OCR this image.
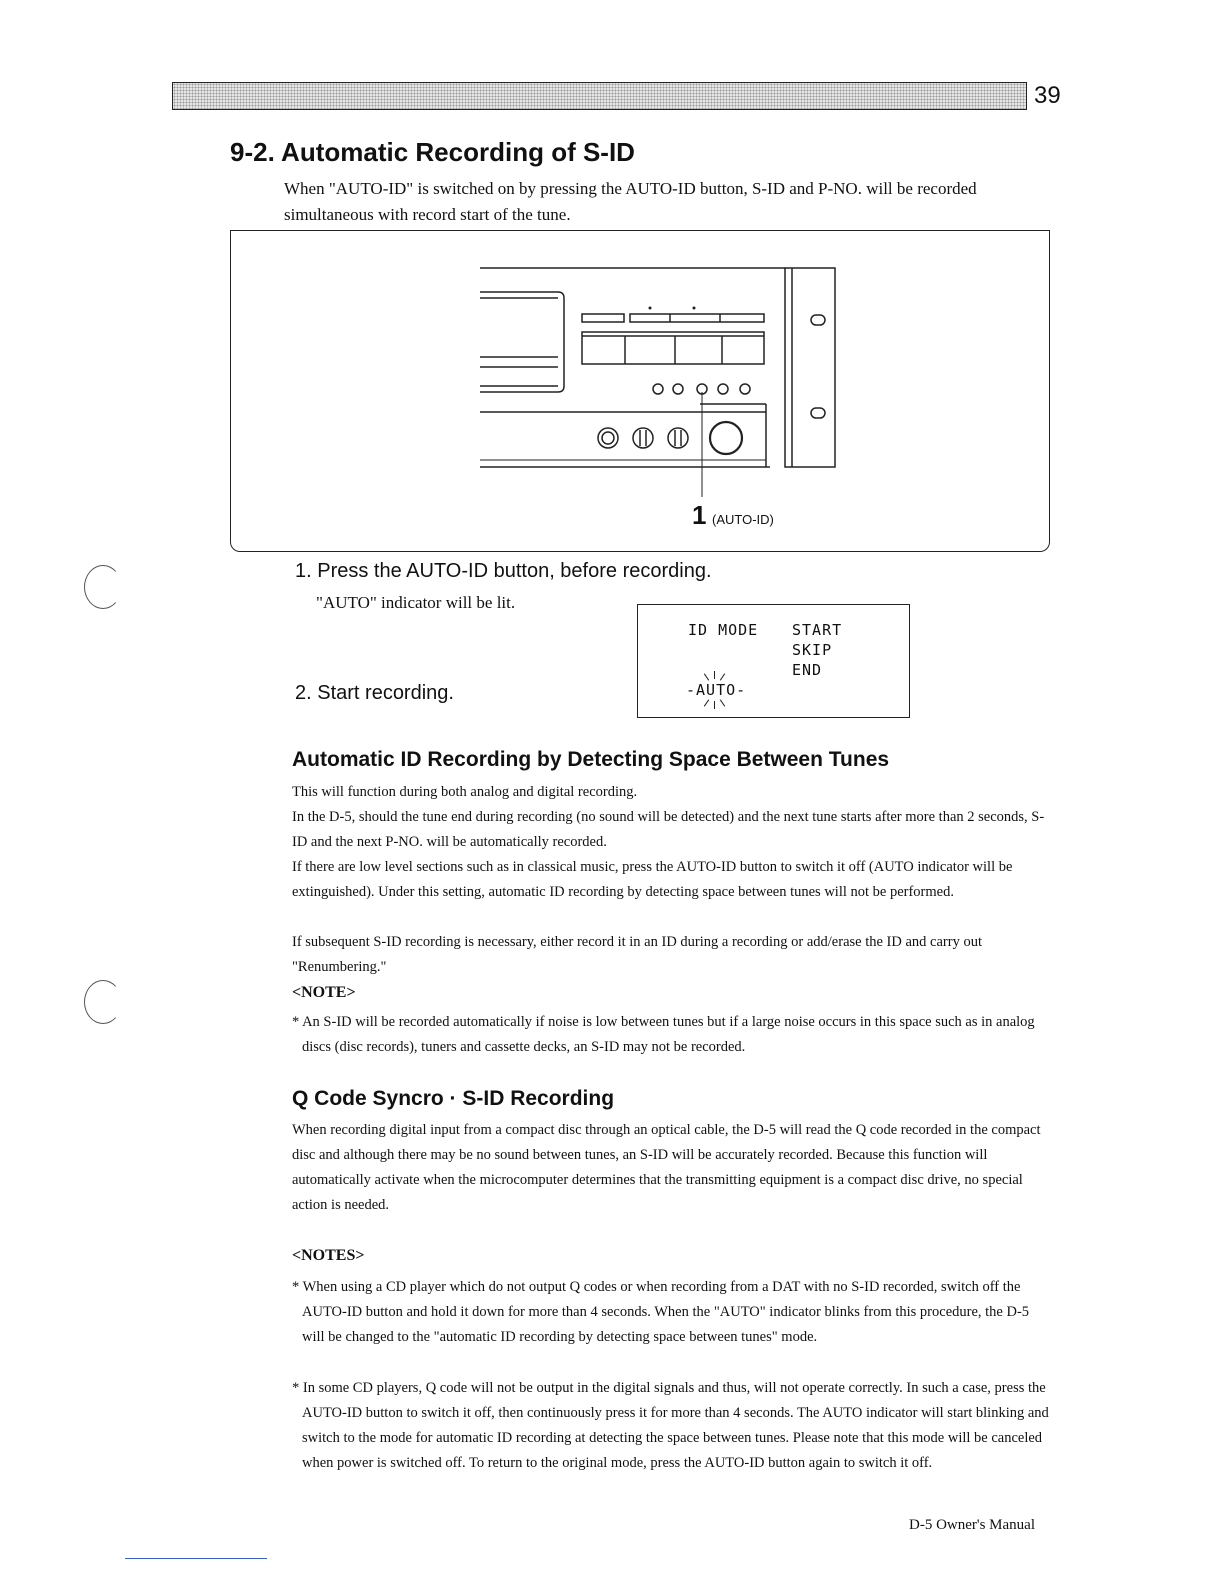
39
9-2. Automatic Recording of S-ID
When "AUTO-ID" is switched on by pressing the AUTO-ID button, S-ID and P-NO. will be recorded simultaneous with record start of the tune.
1 (AUTO-ID)
1. Press the AUTO-ID button, before recording.
"AUTO" indicator will be lit.
2. Start recording.
ID MODE START
SKIP
END
-AUTO-
Automatic ID Recording by Detecting Space Between Tunes
This will function during both analog and digital recording.
In the D-5, should the tune end during recording (no sound will be detected) and the next tune starts after more than 2 seconds, S-ID and the next P-NO. will be automatically recorded.
If there are low level sections such as in classical music, press the AUTO-ID button to switch it off (AUTO indicator will be extinguished). Under this setting, automatic ID recording by detecting space between tunes will not be performed.
If subsequent S-ID recording is necessary, either record it in an ID during a recording or add/erase the ID and carry out "Renumbering."
<NOTE>
* An S-ID will be recorded automatically if noise is low between tunes but if a large noise occurs in this space such as in analog discs (disc records), tuners and cassette decks, an S-ID may not be recorded.
Q Code Syncro · S-ID Recording
When recording digital input from a compact disc through an optical cable, the D-5 will read the Q code recorded in the compact disc and although there may be no sound between tunes, an S-ID will be accurately recorded. Because this function will automatically activate when the microcomputer determines that the transmitting equipment is a compact disc drive, no special action is needed.
<NOTES>
* When using a CD player which do not output Q codes or when recording from a DAT with no S-ID recorded, switch off the AUTO-ID button and hold it down for more than 4 seconds. When the "AUTO" indicator blinks from this procedure, the D-5 will be changed to the "automatic ID recording by detecting space between tunes" mode.
* In some CD players, Q code will not be output in the digital signals and thus, will not operate correctly. In such a case, press the AUTO-ID button to switch it off, then continuously press it for more than 4 seconds. The AUTO indicator will start blinking and switch to the mode for automatic ID recording at detecting the space between tunes. Please note that this mode will be canceled when power is switched off. To return to the original mode, press the AUTO-ID button again to switch it off.
D-5 Owner's Manual
